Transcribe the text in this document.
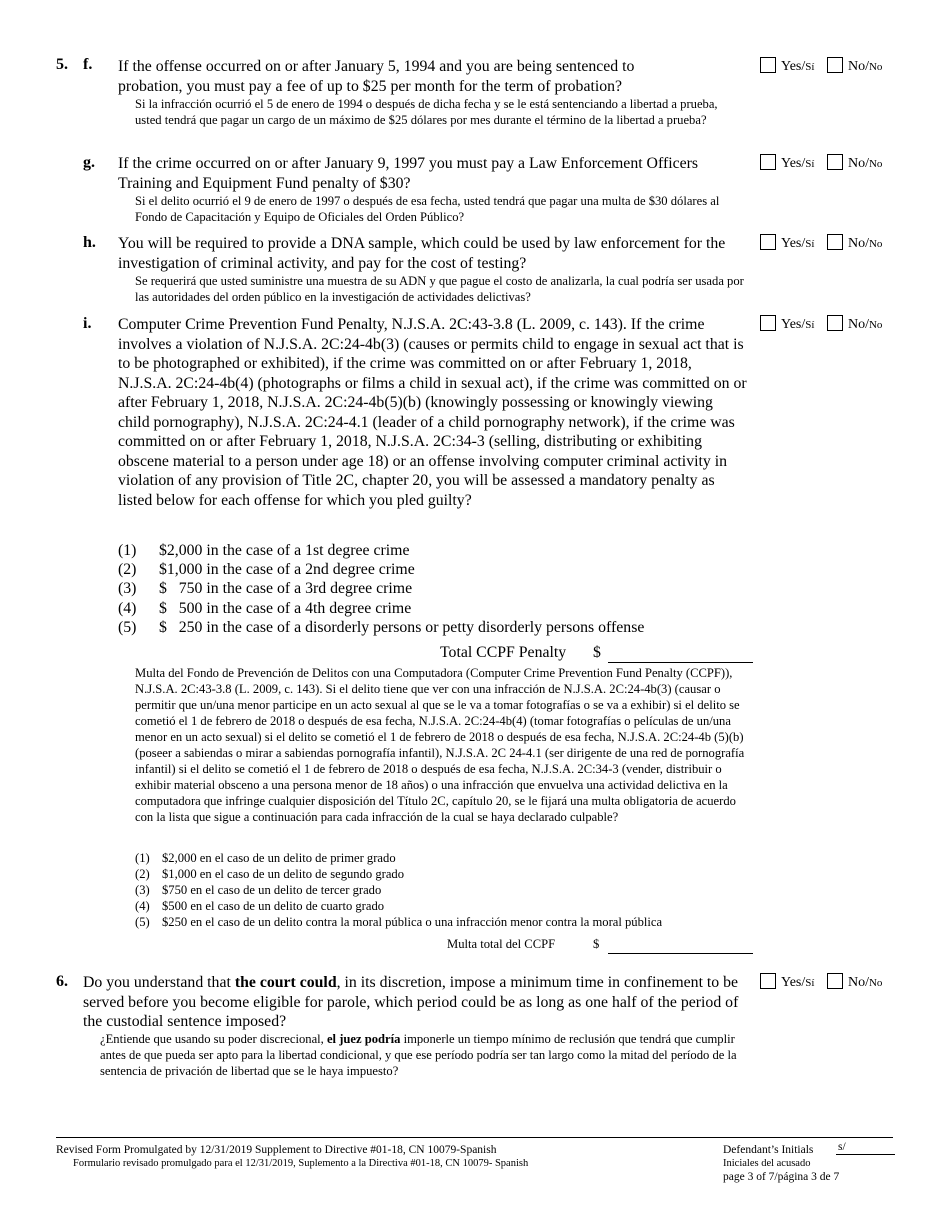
5. f. If the offense occurred on or after January 5, 1994 and you are being sentenced to probation, you must pay a fee of up to $25 per month for the term of probation?
Si la infracción ocurrió el 5 de enero de 1994 o después de dicha fecha y se le está sentenciando a libertad a prueba, usted tendrá que pagar un cargo de un máximo de $25 dólares por mes durante el término de la libertad a prueba?
Yes/Sí No/No
g. If the crime occurred on or after January 9, 1997 you must pay a Law Enforcement Officers Training and Equipment Fund penalty of $30?
Si el delito ocurrió el 9 de enero de 1997 o después de esa fecha, usted tendrá que pagar una multa de $30 dólares al Fondo de Capacitación y Equipo de Oficiales del Orden Público?
Yes/Sí No/No
h. You will be required to provide a DNA sample, which could be used by law enforcement for the investigation of criminal activity, and pay for the cost of testing?
Se requerirá que usted suministre una muestra de su ADN y que pague el costo de analizarla, la cual podría ser usada por las autoridades del orden público en la investigación de actividades delictivas?
Yes/Sí No/No
i. Computer Crime Prevention Fund Penalty, N.J.S.A. 2C:43-3.8 (L. 2009, c. 143). If the crime involves a violation of N.J.S.A. 2C:24-4b(3) (causes or permits child to engage in sexual act that is to be photographed or exhibited), if the crime was committed on or after February 1, 2018, N.J.S.A. 2C:24-4b(4) (photographs or films a child in sexual act), if the crime was committed on or after February 1, 2018, N.J.S.A. 2C:24-4b(5)(b) (knowingly possessing or knowingly viewing child pornography), N.J.S.A. 2C:24-4.1 (leader of a child pornography network), if the crime was committed on or after February 1, 2018, N.J.S.A. 2C:34-3 (selling, distributing or exhibiting obscene material to a person under age 18) or an offense involving computer criminal activity in violation of any provision of Title 2C, chapter 20, you will be assessed a mandatory penalty as listed below for each offense for which you pled guilty?
Yes/Sí No/No
(1) $2,000 in the case of a 1st degree crime
(2) $1,000 in the case of a 2nd degree crime
(3) $   750 in the case of a 3rd degree crime
(4) $   500 in the case of a 4th degree crime
(5) $   250 in the case of a disorderly persons or petty disorderly persons offense
Total CCPF Penalty $
Multa del Fondo de Prevención de Delitos con una Computadora (Computer Crime Prevention Fund Penalty (CCPF)), N.J.S.A. 2C:43-3.8 (L. 2009, c. 143). Si el delito tiene que ver con una infracción de N.J.S.A. 2C:24-4b(3) (causar o permitir que un/una menor participe en un acto sexual al que se le va a tomar fotografías o se va a exhibir) si el delito se cometió el 1 de febrero de 2018 o después de esa fecha, N.J.S.A. 2C:24-4b(4) (tomar fotografías o películas de un/una menor en un acto sexual) si el delito se cometió el 1 de febrero de 2018 o después de esa fecha, N.J.S.A. 2C:24-4b (5)(b) (poseer a sabiendas o mirar a sabiendas pornografía infantil), N.J.S.A. 2C 24-4.1 (ser dirigente de una red de pornografía infantil) si el delito se cometió el 1 de febrero de 2018 o después de esa fecha, N.J.S.A. 2C:34-3 (vender, distribuir o exhibir material obsceno a una persona menor de 18 años) o una infracción que envuelva una actividad delictiva en la computadora que infringe cualquier disposición del Título 2C, capítulo 20, se le fijará una multa obligatoria de acuerdo con la lista que sigue a continuación para cada infracción de la cual se haya declarado culpable?
(1) $2,000 en el caso de un delito de primer grado
(2) $1,000 en el caso de un delito de segundo grado
(3) $750 en el caso de un delito de tercer grado
(4) $500 en el caso de un delito de cuarto grado
(5) $250 en el caso de un delito contra la moral pública o una infracción menor contra la moral pública
Multa total del CCPF	$
6. Do you understand that the court could, in its discretion, impose a minimum time in confinement to be served before you become eligible for parole, which period could be as long as one half of the period of the custodial sentence imposed?
¿Entiende que usando su poder discrecional, el juez podría imponerle un tiempo mínimo de reclusión que tendrá que cumplir antes de que pueda ser apto para la libertad condicional, y que ese período podría ser tan largo como la mitad del período de la sentencia de privación de libertad que se le haya impuesto?
Yes/Sí No/No
Revised Form Promulgated by 12/31/2019 Supplement to Directive #01-18, CN 10079-Spanish
Formulario revisado promulgado para el 12/31/2019, Suplemento a la Directiva #01-18, CN 10079- Spanish
Defendant’s Initials s/
Iniciales del acusado
page 3 of 7/página 3 de 7
